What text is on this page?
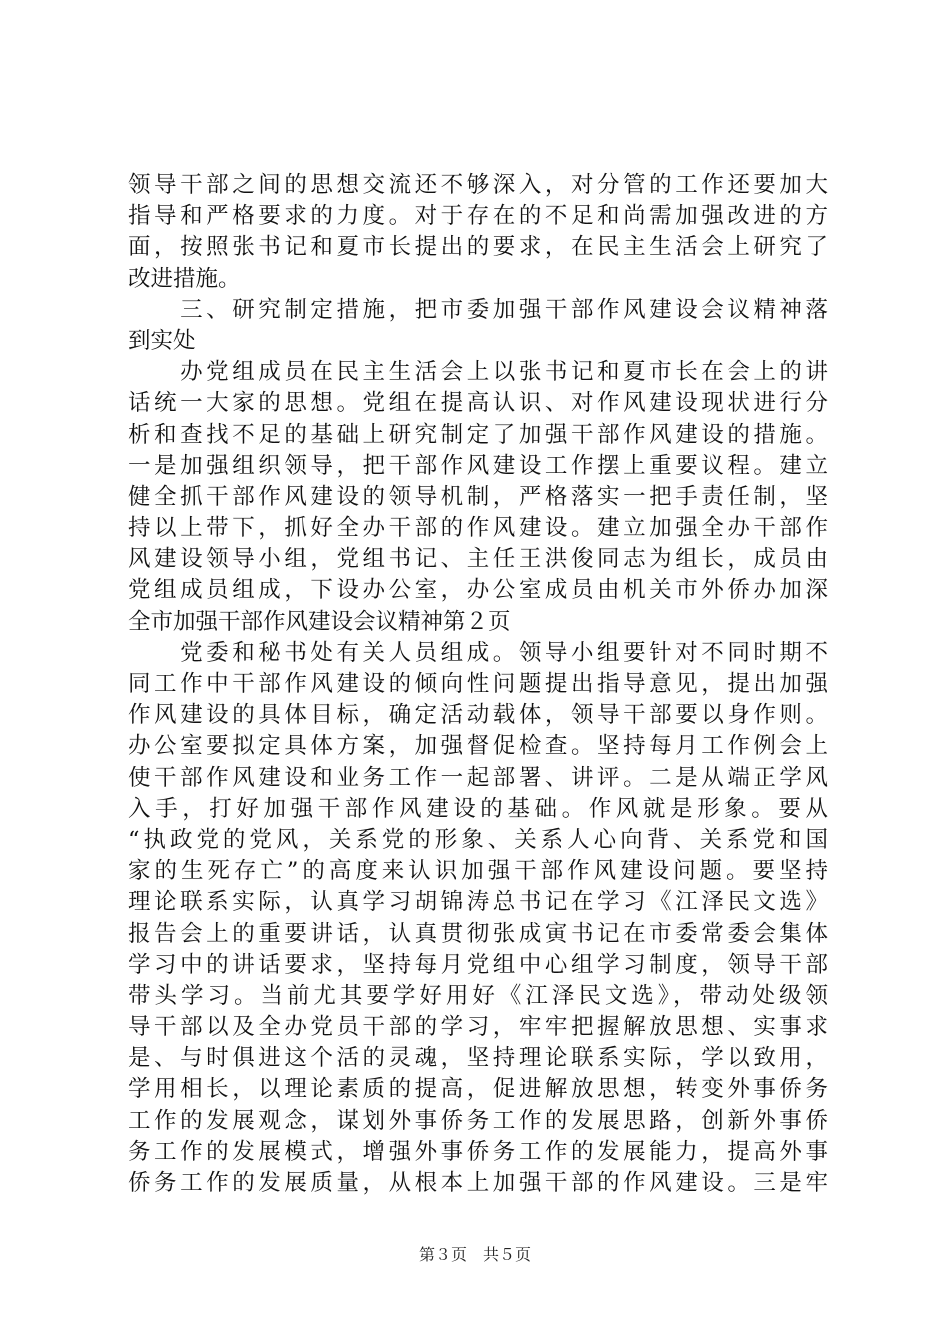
领导干部之间的思想交流还不够深入，对分管的工作还要加大
指导和严格要求的力度。对于存在的不足和尚需加强改进的方
面，按照张书记和夏市长提出的要求，在民主生活会上研究了
改进措施。
　　三、研究制定措施，把市委加强干部作风建设会议精神落
到实处
　　办党组成员在民主生活会上以张书记和夏市长在会上的讲
话统一大家的思想。党组在提高认识、对作风建设现状进行分
析和查找不足的基础上研究制定了加强干部作风建设的措施。
一是加强组织领导，把干部作风建设工作摆上重要议程。建立
健全抓干部作风建设的领导机制，严格落实一把手责任制，坚
持以上带下，抓好全办干部的作风建设。建立加强全办干部作
风建设领导小组，党组书记、主任王洪俊同志为组长，成员由
党组成员组成，下设办公室，办公室成员由机关市外侨办加深
全市加强干部作风建设会议精神第２页
　　党委和秘书处有关人员组成。领导小组要针对不同时期不
同工作中干部作风建设的倾向性问题提出指导意见，提出加强
作风建设的具体目标，确定活动载体，领导干部要以身作则。
办公室要拟定具体方案，加强督促检查。坚持每月工作例会上
使干部作风建设和业务工作一起部署、讲评。二是从端正学风
入手，打好加强干部作风建设的基础。作风就是形象。要从
“执政党的党风，关系党的形象、关系人心向背、关系党和国
家的生死存亡”的高度来认识加强干部作风建设问题。要坚持
理论联系实际，认真学习胡锦涛总书记在学习《江泽民文选》
报告会上的重要讲话，认真贯彻张成寅书记在市委常委会集体
学习中的讲话要求，坚持每月党组中心组学习制度，领导干部
带头学习。当前尤其要学好用好《江泽民文选》，带动处级领
导干部以及全办党员干部的学习，牢牢把握解放思想、实事求
是、与时俱进这个活的灵魂，坚持理论联系实际，学以致用，
学用相长，以理论素质的提高，促进解放思想，转变外事侨务
工作的发展观念，谋划外事侨务工作的发展思路，创新外事侨
务工作的发展模式，增强外事侨务工作的发展能力，提高外事
侨务工作的发展质量，从根本上加强干部的作风建设。三是牢
第３页　共５页
